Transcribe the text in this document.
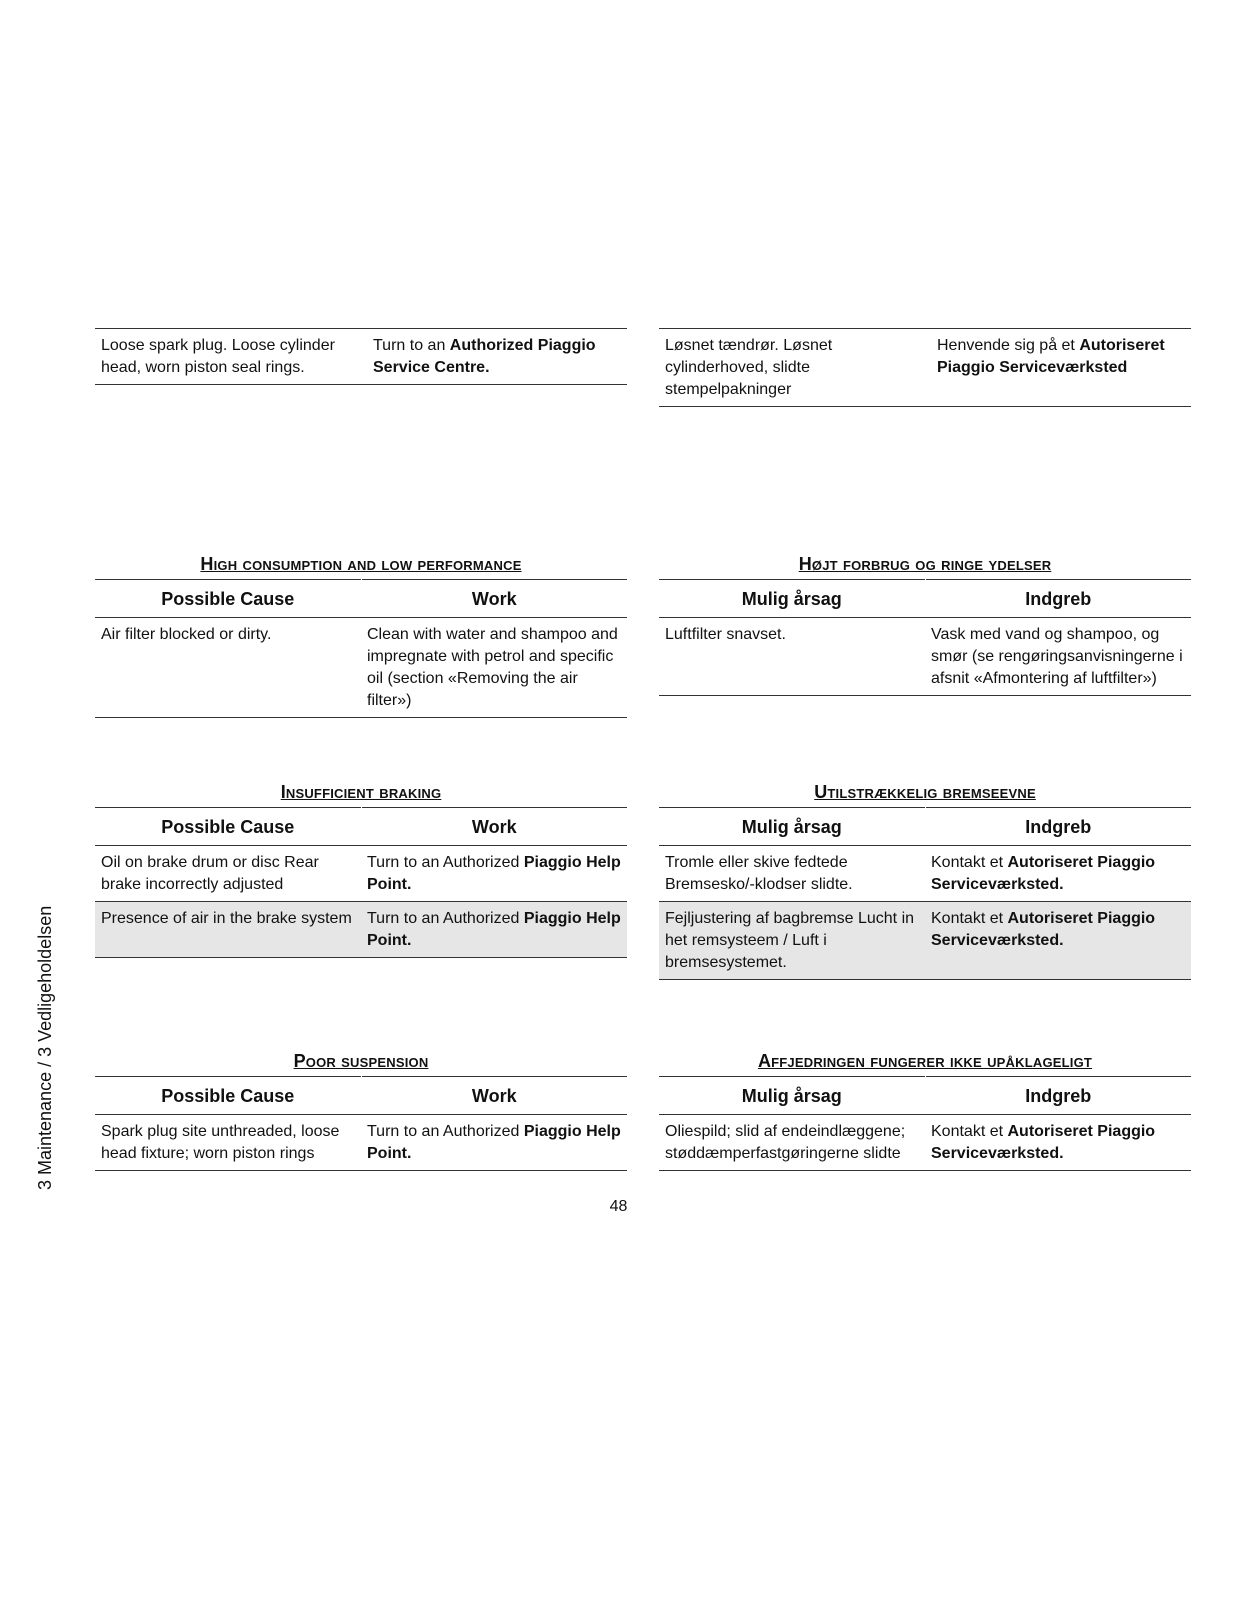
3 Maintenance / 3 Vedligeholdelsen
Loose spark plug. Loose cylinder head, worn piston seal rings.	Turn to an Authorized Piaggio Service Centre.
High consumption and low performance
Possible Cause	Work
Air filter blocked or dirty.	Clean with water and shampoo and impregnate with petrol and specific oil (section «Removing the air filter»)
Insufficient braking
Possible Cause	Work
Oil on brake drum or disc Rear brake incorrectly adjusted	Turn to an Authorized Piaggio Help Point.
Presence of air in the brake system	Turn to an Authorized Piaggio Help Point.
Poor suspension
Possible Cause	Work
Spark plug site unthreaded, loose head fixture; worn piston rings	Turn to an Authorized Piaggio Help Point.
Løsnet tændrør. Løsnet cylinderhoved, slidte stempelpakninger	Henvende sig på et Autoriseret Piaggio Serviceværksted
Højt forbrug og ringe ydelser
Mulig årsag	Indgreb
Luftfilter snavset.	Vask med vand og shampoo, og smør (se rengøringsanvisningerne i afsnit «Afmontering af luftfilter»)
Utilstrækkelig bremseevne
Mulig årsag	Indgreb
Tromle eller skive fedtede Bremsesko/-klodser slidte.	Kontakt et Autoriseret Piaggio Serviceværksted.
Fejljustering af bagbremse Lucht in het remsysteem / Luft i bremsesystemet.	Kontakt et Autoriseret Piaggio Serviceværksted.
Affjedringen fungerer ikke upåklageligt
Mulig årsag	Indgreb
Oliespild; slid af endeindlæggene; støddæmperfastgøringerne slidte	Kontakt et Autoriseret Piaggio Serviceværksted.
48
